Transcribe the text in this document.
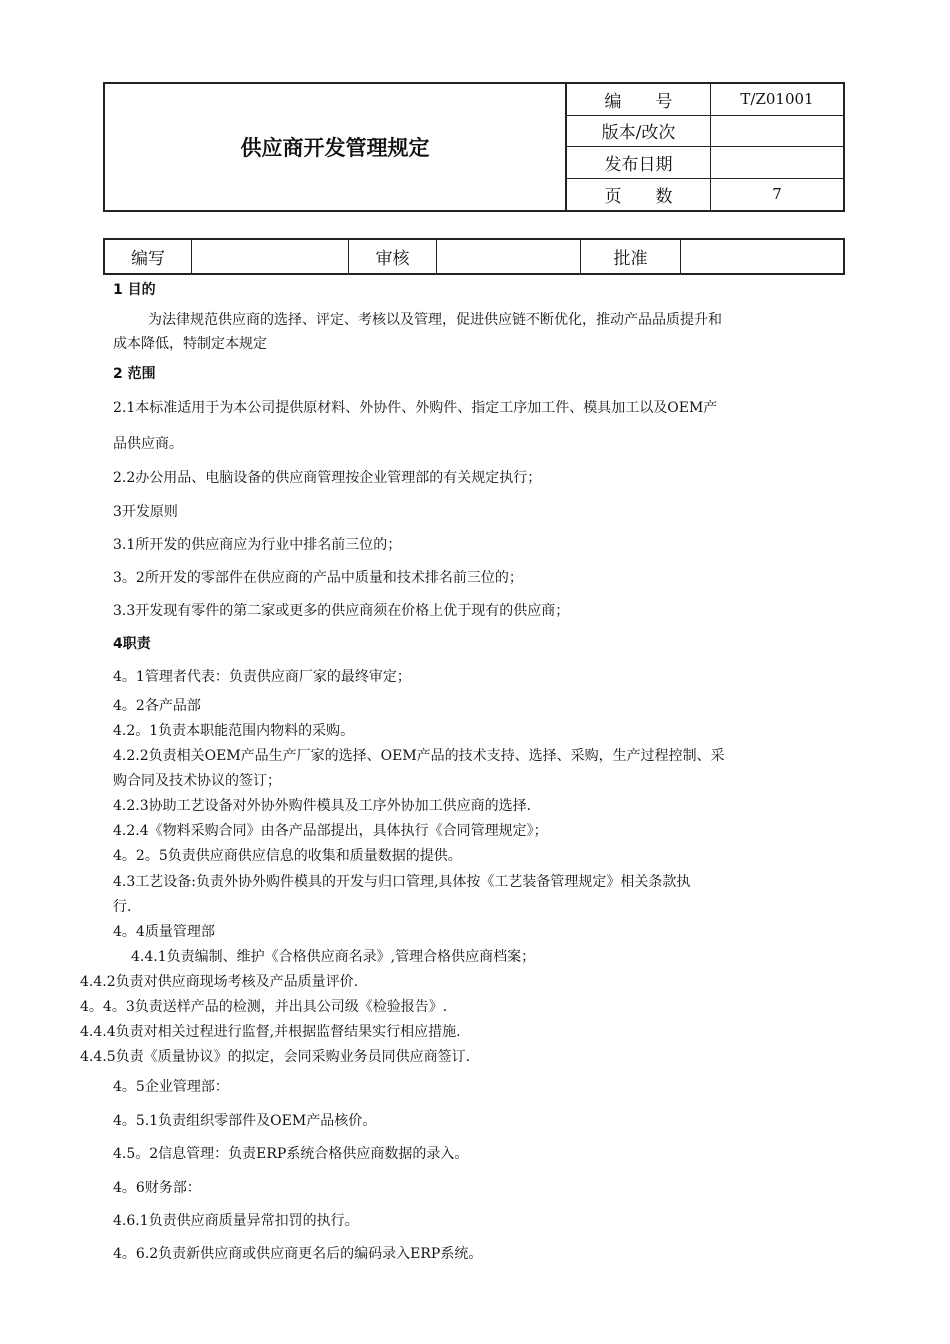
供应商开发管理规定
编　　号	T/Z01001
版本/改次
发布日期
页　　数	7
编写	审核	批准
1 目的
为法律规范供应商的选择、评定、考核以及管理，促进供应链不断优化，推动产品品质提升和
成本降低，特制定本规定
2 范围
2.1本标准适用于为本公司提供原材料、外协件、外购件、指定工序加工件、模具加工以及OEM产
品供应商。
2.2办公用品、电脑设备的供应商管理按企业管理部的有关规定执行；
3开发原则
3.1所开发的供应商应为行业中排名前三位的；
3。2所开发的零部件在供应商的产品中质量和技术排名前三位的；
3.3开发现有零件的第二家或更多的供应商须在价格上优于现有的供应商；
4职责
4。1管理者代表：负责供应商厂家的最终审定；
4。2各产品部
4.2。1负责本职能范围内物料的采购。
4.2.2负责相关OEM产品生产厂家的选择、OEM产品的技术支持、选择、采购，生产过程控制、采
购合同及技术协议的签订；
4.2.3协助工艺设备对外协外购件模具及工序外协加工供应商的选择.
4.2.4《物料采购合同》由各产品部提出，具体执行《合同管理规定》；
4。2。5负责供应商供应信息的收集和质量数据的提供。
4.3工艺设备:负责外协外购件模具的开发与归口管理,具体按《工艺装备管理规定》相关条款执
行.
4。4质量管理部
4.4.1负责编制、维护《合格供应商名录》,管理合格供应商档案；
4.4.2负责对供应商现场考核及产品质量评价.
4。4。3负责送样产品的检测，并出具公司级《检验报告》.
4.4.4负责对相关过程进行监督,并根据监督结果实行相应措施.
4.4.5负责《质量协议》的拟定，会同采购业务员同供应商签订.
4。5企业管理部：
4。5.1负责组织零部件及OEM产品核价。
4.5。2信息管理：负责ERP系统合格供应商数据的录入。
4。6财务部：
4.6.1负责供应商质量异常扣罚的执行。
4。6.2负责新供应商或供应商更名后的编码录入ERP系统。
